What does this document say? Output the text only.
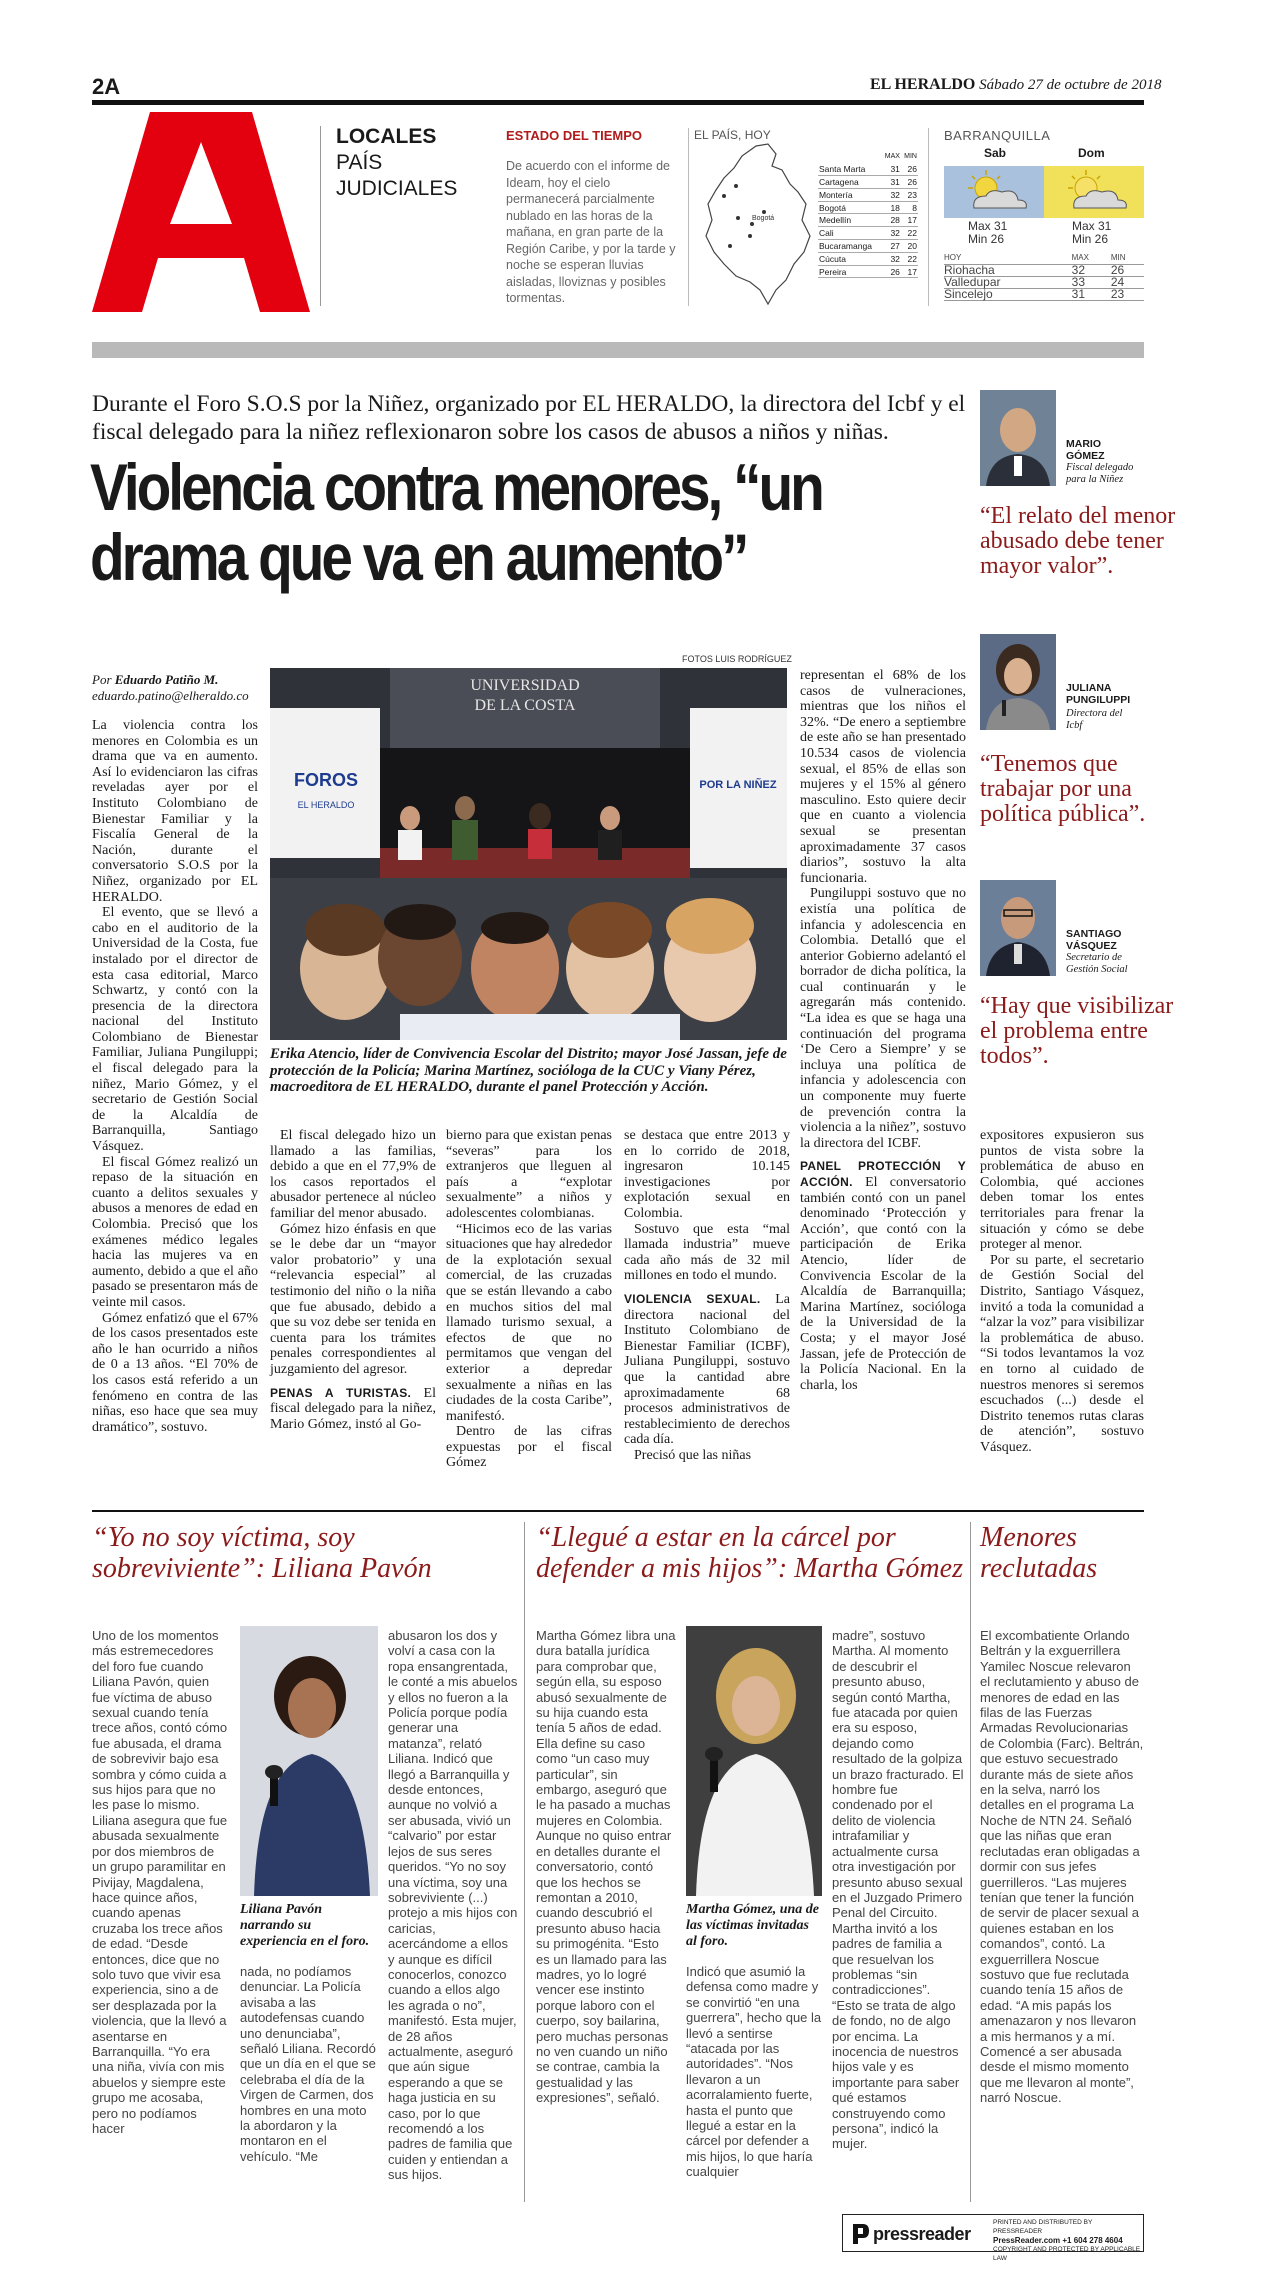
2A	EL HERALDO Sábado 27 de octubre de 2018
LOCALES
PAÍS
JUDICIALES
ESTADO DEL TIEMPO
De acuerdo con el informe de Ideam, hoy el cielo permanecerá parcialmente nublado en las horas de la mañana, en gran parte de la Región Caribe, y por la tarde y noche se esperan lluvias aisladas, lloviznas y posibles tormentas.
EL PAÍS, HOY
Bogotá
	MAX	MIN
Santa Marta	31	26
Cartagena	31	26
Montería	32	23
Bogotá	18	8
Medellín	28	17
Cali	32	22
Bucaramanga	27	20
Cúcuta	32	22
Pereira	26	17
BARRANQUILLA
Sab	Dom
Max 31
Min 26
Max 31
Min 26
HOY	MAX	MIN
Riohacha	32	26
Valledupar	33	24
Sincelejo	31	23
Durante el Foro S.O.S por la Niñez, organizado por EL HERALDO, la directora del Icbf y el fiscal delegado para la niñez reflexionaron sobre los casos de abusos a niños y niñas.
Violencia contra menores, “un
drama que va en aumento”
FOTOS LUIS RODRÍGUEZ
MARIO
GÓMEZ
Fiscal delegado
para la Niñez
“El relato del menor abusado debe tener mayor valor”.
JULIANA
PUNGILUPPI
Directora del
Icbf
“Tenemos que trabajar por una política pública”.
SANTIAGO
VÁSQUEZ
Secretario de
Gestión Social
“Hay que visibilizar el problema entre todos”.
Por Eduardo Patiño M.
eduardo.patino@elheraldo.co

La violencia contra los menores en Colombia es un drama que va en aumento. Así lo evidenciaron las cifras reveladas ayer por el Instituto Colombiano de Bienestar Familiar y la Fiscalía General de la Nación, durante el conversatorio S.O.S por la Niñez, organizado por EL HERALDO.

El evento, que se llevó a cabo en el auditorio de la Universidad de la Costa, fue instalado por el director de esta casa editorial, Marco Schwartz, y contó con la presencia de la directora nacional del Instituto Colombiano de Bienestar Familiar, Juliana Pungiluppi; el fiscal delegado para la niñez, Mario Gómez, y el secretario de Gestión Social de la Alcaldía de Barranquilla, Santiago Vásquez.

El fiscal Gómez realizó un repaso de la situación en cuanto a delitos sexuales y abusos a menores de edad en Colombia. Precisó que los exámenes médico legales hacia las mujeres va en aumento, debido a que el año pasado se presentaron más de veinte mil casos.

Gómez enfatizó que el 67% de los casos presentados este año le han ocurrido a niños de 0 a 13 años. “El 70% de los casos está referido a un fenómeno en contra de las niñas, eso hace que sea muy dramático”, sostuvo.

UNIVERSIDAD
DE LA COSTA
FOROS
EL HERALDO
POR LA NIÑEZ
Erika Atencio, líder de Convivencia Escolar del Distrito; mayor José Jassan, jefe de protección de la Policía; Marina Martínez, socióloga de la CUC y Viany Pérez, macroeditora de EL HERALDO, durante el panel Protección y Acción.

El fiscal delegado hizo un llamado a las familias, debido a que en el 77,9% de los casos reportados el abusador pertenece al núcleo familiar del menor abusado.

Gómez hizo énfasis en que se le debe dar un “mayor valor probatorio” y una “relevancia especial” al testimonio del niño o la niña que fue abusado, debido a que su voz debe ser tenida en cuenta para los trámites penales correspondientes al juzgamiento del agresor.

PENAS A TURISTAS. El fiscal delegado para la niñez, Mario Gómez, instó al Go-

bierno para que existan penas “severas” para los extranjeros que lleguen al país a “explotar sexualmente” a niños y adolescentes colombianas.

“Hicimos eco de las varias situaciones que hay alrededor de la explotación sexual comercial, de las cruzadas que se están llevando a cabo en muchos sitios del mal llamado turismo sexual, a efectos de que no permitamos que vengan del exterior a depredar sexualmente a niñas en las ciudades de la costa Caribe”, manifestó.

Dentro de las cifras expuestas por el fiscal Gómez

se destaca que entre 2013 y en lo corrido de 2018, ingresaron 10.145 investigaciones por explotación sexual en Colombia.

Sostuvo que esta “mal llamada industria” mueve cada año más de 32 mil millones en todo el mundo.

VIOLENCIA SEXUAL. La directora nacional del Instituto Colombiano de Bienestar Familiar (ICBF), Juliana Pungiluppi, sostuvo que la cantidad abre aproximadamente 68 procesos administrativos de restablecimiento de derechos cada día.

Precisó que las niñas

representan el 68% de los casos de vulneraciones, mientras que los niños el 32%. “De enero a septiembre de este año se han presentado 10.534 casos de violencia sexual, el 85% de ellas son mujeres y el 15% al género masculino. Esto quiere decir que en cuanto a violencia sexual se presentan aproximadamente 37 casos diarios”, sostuvo la alta funcionaria.

Pungiluppi sostuvo que no existía una política de infancia y adolescencia en Colombia. Detalló que el anterior Gobierno adelantó el borrador de dicha política, la cual continuarán y le agregarán más contenido. “La idea es que se haga una continuación del programa ‘De Cero a Siempre’ y se incluya una política de infancia y adolescencia con un componente muy fuerte de prevención contra la violencia a la niñez”, sostuvo la directora del ICBF.

PANEL PROTECCIÓN Y ACCIÓN. El conversatorio también contó con un panel denominado ‘Protección y Acción’, que contó con la participación de Erika Atencio, líder de Convivencia Escolar de la Alcaldía de Barranquilla; Marina Martínez, socióloga de la Universidad de la Costa; y el mayor José Jassan, jefe de Protección de la Policía Nacional. En la charla, los

expositores expusieron sus puntos de vista sobre la problemática de abuso en Colombia, qué acciones deben tomar los entes territoriales para frenar la situación y cómo se debe proteger al menor.

Por su parte, el secretario de Gestión Social del Distrito, Santiago Vásquez, invitó a toda la comunidad a “alzar la voz” para visibilizar la problemática de abuso. “Si todos levantamos la voz en torno al cuidado de nuestros menores si seremos escuchados (...) desde el Distrito tenemos rutas claras de atención”, sostuvo Vásquez.

“Yo no soy víctima, soy sobreviviente”: Liliana Pavón
“Llegué a estar en la cárcel por defender a mis hijos”: Martha Gómez
Menores reclutadas
Uno de los momentos más estremecedores del foro fue cuando Liliana Pavón, quien fue víctima de abuso sexual cuando tenía trece años, contó cómo fue abusada, el drama de sobrevivir bajo esa sombra y cómo cuida a sus hijos para que no les pase lo mismo. Liliana asegura que fue abusada sexualmente por dos miembros de un grupo paramilitar en Pivijay, Magdalena, hace quince años, cuando apenas cruzaba los trece años de edad. “Desde entonces, dice que no solo tuvo que vivir esa experiencia, sino a de ser desplazada por la violencia, que la llevó a asentarse en Barranquilla. “Yo era una niña, vivía con mis abuelos y siempre este grupo me acosaba, pero no podíamos hacer
Liliana Pavón narrando su experiencia en el foro.
nada, no podíamos denunciar. La Policía avisaba a las autodefensas cuando uno denunciaba”, señaló Liliana. Recordó que un día en el que se celebraba el día de la Virgen de Carmen, dos hombres en una moto la abordaron y la montaron en el vehículo. “Me
abusaron los dos y volví a casa con la ropa ensangrentada, le conté a mis abuelos y ellos no fueron a la Policía porque podía generar una matanza”, relató Liliana. Indicó que llegó a Barranquilla y desde entonces, aunque no volvió a ser abusada, vivió un “calvario” por estar lejos de sus seres queridos. “Yo no soy una víctima, soy una sobreviviente (...) protejo a mis hijos con caricias, acercándome a ellos y aunque es difícil conocerlos, conozco cuando a ellos algo les agrada o no”, manifestó. Esta mujer, de 28 años actualmente, aseguró que aún sigue esperando a que se haga justicia en su caso, por lo que recomendó a los padres de familia que cuiden y entiendan a sus hijos.
Martha Gómez libra una dura batalla jurídica para comprobar que, según ella, su esposo abusó sexualmente de su hija cuando esta tenía 5 años de edad. Ella define su caso como “un caso muy particular”, sin embargo, aseguró que le ha pasado a muchas mujeres en Colombia. Aunque no quiso entrar en detalles durante el conversatorio, contó que los hechos se remontan a 2010, cuando descubrió el presunto abuso hacia su primogénita. “Esto es un llamado para las madres, yo lo logré vencer ese instinto porque laboro con el cuerpo, soy bailarina, pero muchas personas no ven cuando un niño se contrae, cambia la gestualidad y las expresiones”, señaló.
Martha Gómez, una de las víctimas invitadas al foro.
Indicó que asumió la defensa como madre y se convirtió “en una guerrera”, hecho que la llevó a sentirse “atacada por las autoridades”. “Nos llevaron a un acorralamiento fuerte, hasta el punto que llegué a estar en la cárcel por defender a mis hijos, lo que haría cualquier
madre”, sostuvo Martha. Al momento de descubrir el presunto abuso, según contó Martha, fue atacada por quien era su esposo, dejando como resultado de la golpiza un brazo fracturado. El hombre fue condenado por el delito de violencia intrafamiliar y actualmente cursa otra investigación por presunto abuso sexual en el Juzgado Primero Penal del Circuito. Martha invitó a los padres de familia a que resuelvan los problemas “sin contradicciones”. “Esto se trata de algo de fondo, no de algo por encima. La inocencia de nuestros hijos vale y es importante para saber qué estamos construyendo como persona”, indicó la mujer.
El excombatiente Orlando Beltrán y la exguerrillera Yamilec Noscue relevaron el reclutamiento y abuso de menores de edad en las filas de las Fuerzas Armadas Revolucionarias de Colombia (Farc). Beltrán, que estuvo secuestrado durante más de siete años en la selva, narró los detalles en el programa La Noche de NTN 24. Señaló que las niñas que eran reclutadas eran obligadas a dormir con sus jefes guerrilleros. “Las mujeres tenían que tener la función de servir de placer sexual a quienes estaban en los comandos”, contó. La exguerrillera Noscue sostuvo que fue reclutada cuando tenía 15 años de edad. “A mis papás los amenazaron y nos llevaron a mis hermanos y a mí. Comencé a ser abusada desde el mismo momento que me llevaron al monte”, narró Noscue.
pressreader
PRINTED AND DISTRIBUTED BY PRESSREADER
PressReader.com +1 604 278 4604
COPYRIGHT AND PROTECTED BY APPLICABLE LAW
